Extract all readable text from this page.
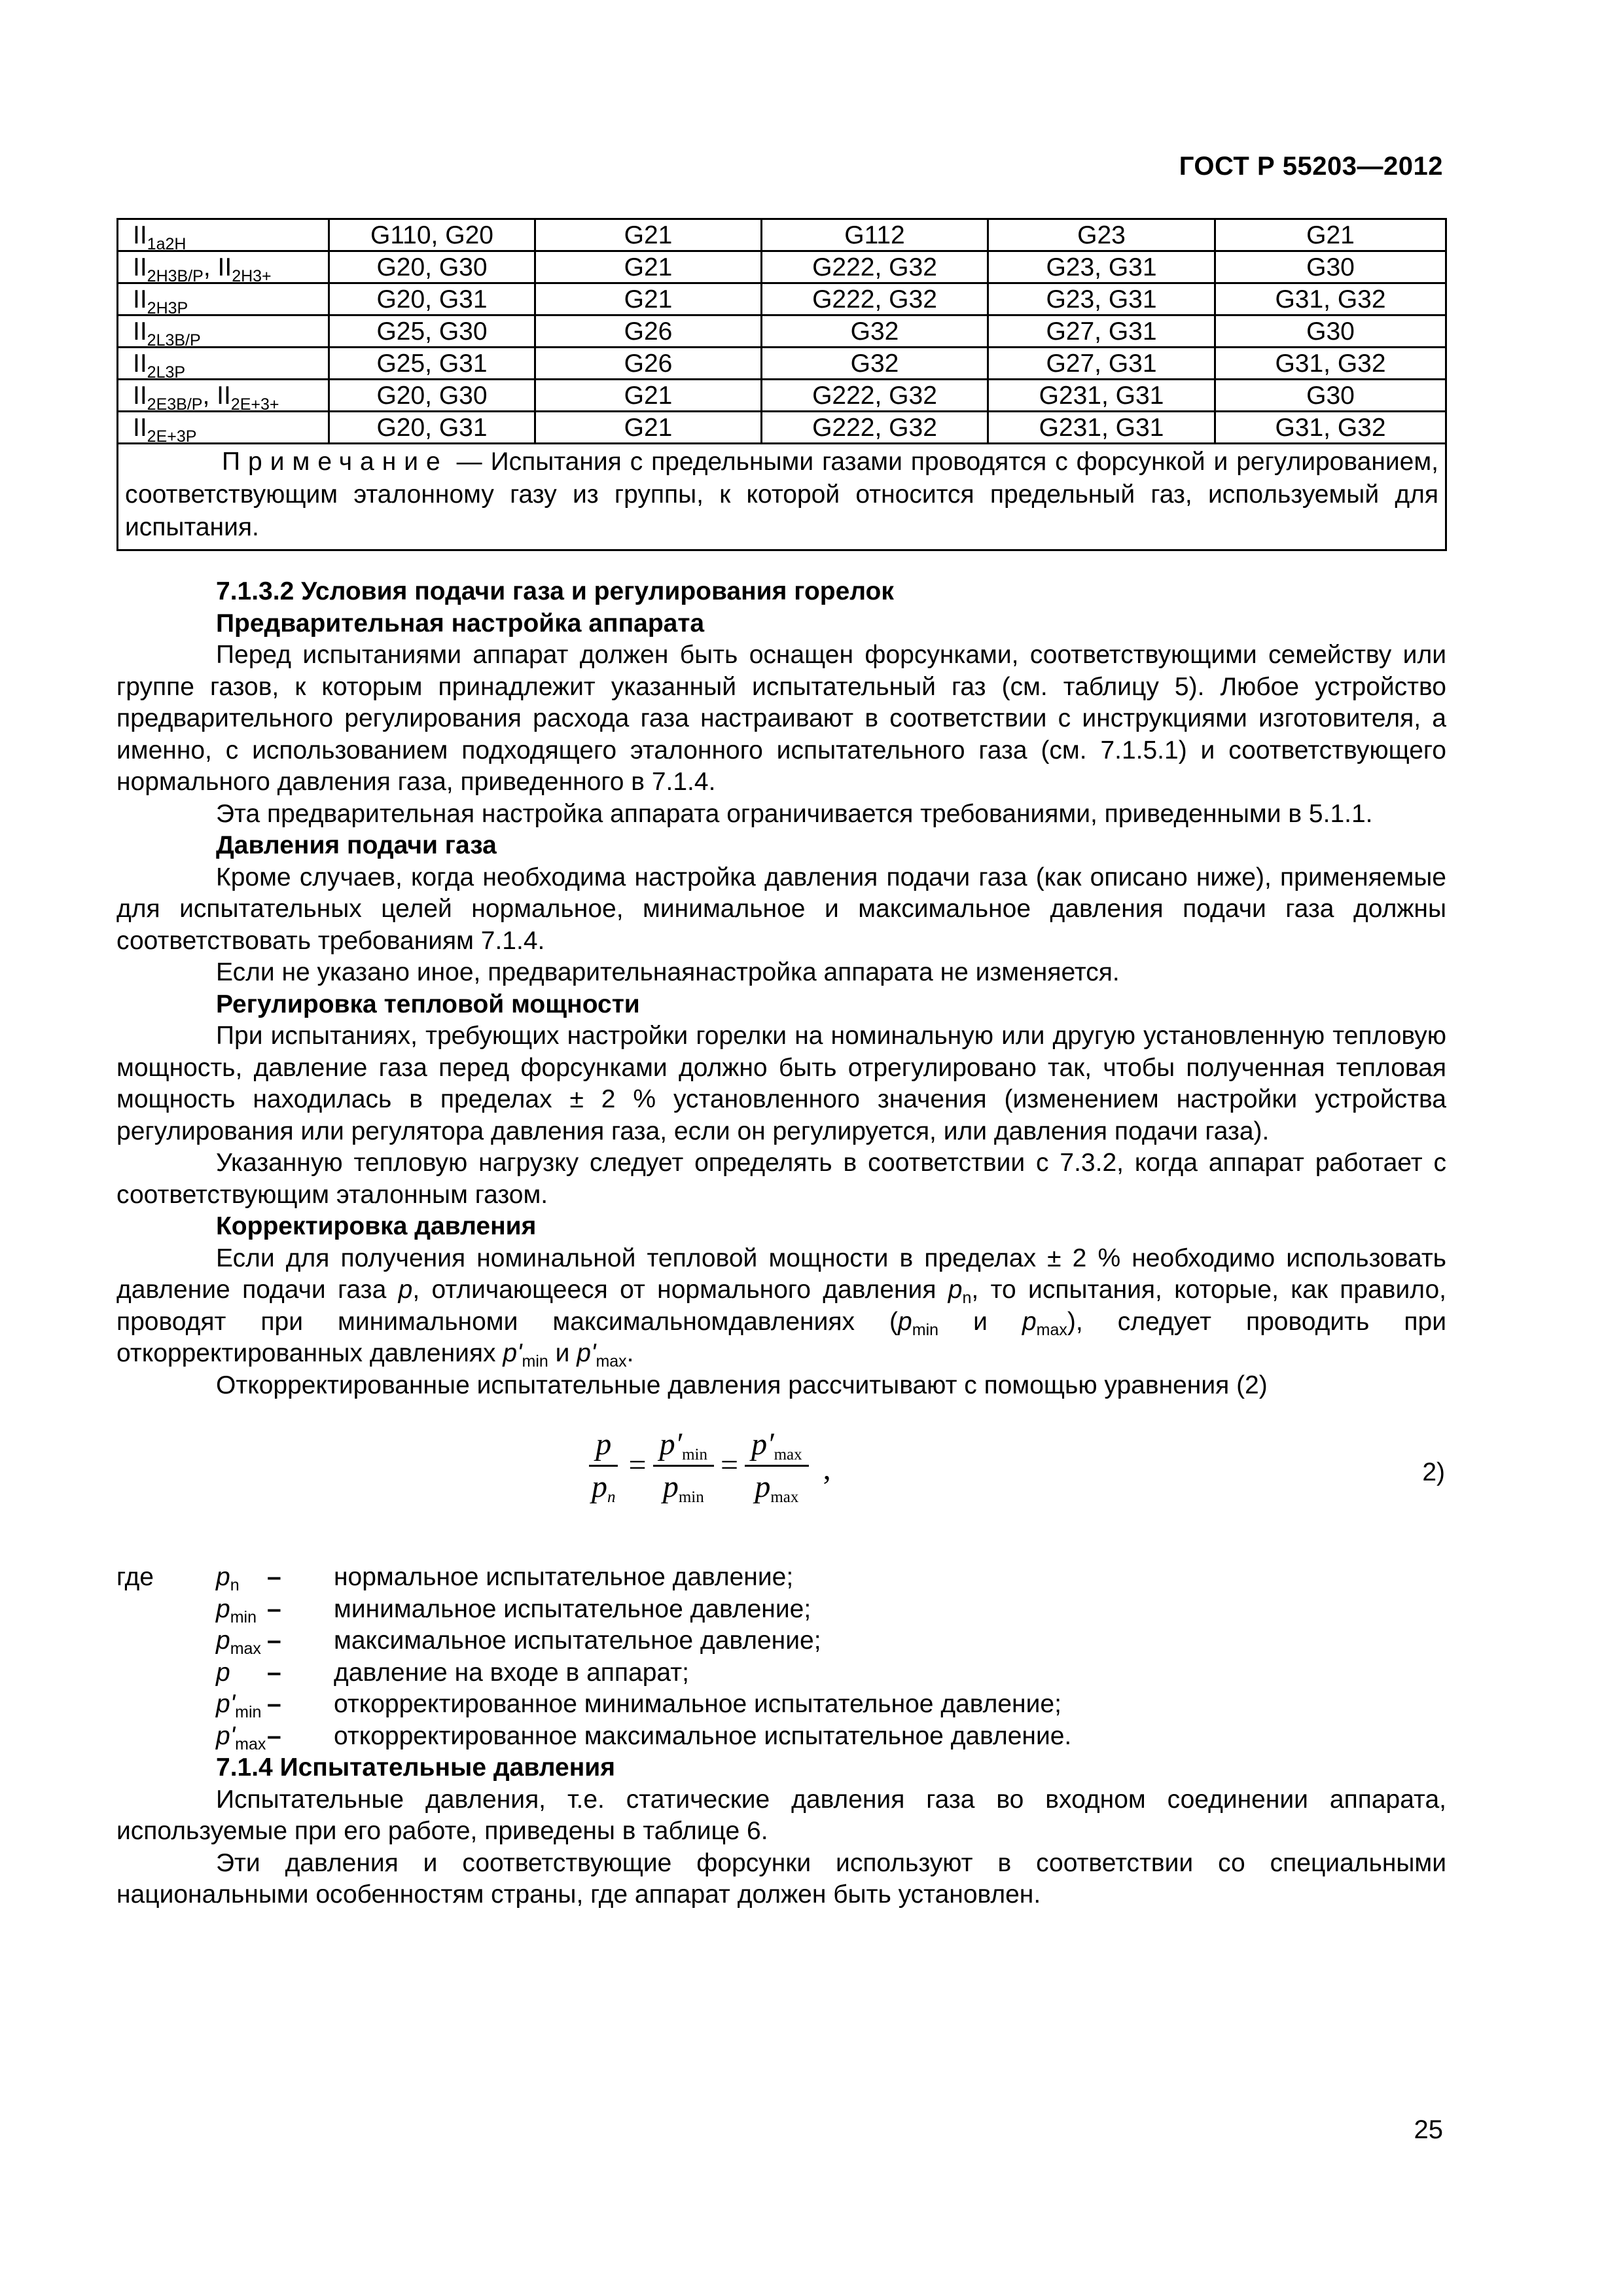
ГОСТ Р 55203—2012
$II_{1a2H}$	G110, G20	G21	G112	G23	G21
$II_{2H3B/P}$, $II_{2H3+}$	G20, G30	G21	G222, G32	G23, G31	G30
$II_{2H3P}$	G20, G31	G21	G222, G32	G23, G31	G31, G32
$II_{2L3B/P}$	G25, G30	G26	G32	G27, G31	G30
$II_{2L3P}$	G25, G31	G26	G32	G27, G31	G31, G32
$II_{2E3B/P}$, $II_{2E+3+}$	G20, G30	G21	G222, G32	G231, G31	G30
$II_{2E+3P}$	G20, G31	G21	G222, G32	G231, G31	G31, G32
Примечание — Испытания с предельными газами проводятся с форсункой и регулированием, соответствующим эталонному газу из группы, к которой относится предельный газ, используемый для испытания.					

7.1.3.2 Условия подачи газа и регулирования горелок

Предварительная настройка аппарата

Перед испытаниями аппарат должен быть оснащен форсунками, соответствующими семейству или группе газов, к которым принадлежит указанный испытательный газ (см. таблицу 5). Любое устройство предварительного регулирования расхода газа настраивают в соответствии с инструкциями изготовителя, а именно, с использованием подходящего эталонного испытательного газа (см. 7.1.5.1) и соответствующего нормального давления газа, приведенного в 7.1.4.

Эта предварительная настройка аппарата ограничивается требованиями, приведенными в 5.1.1.

Давления подачи газа

Кроме случаев, когда необходима настройка давления подачи газа (как описано ниже), применяемые для испытательных целей нормальное, минимальное и максимальное давления подачи газа должны соответствовать требованиям 7.1.4.

Если не указано иное, предварительнаянастройка аппарата не изменяется.

Регулировка тепловой мощности

При испытаниях, требующих настройки горелки на номинальную или другую установленную тепловую мощность, давление газа перед форсунками должно быть отрегулировано так, чтобы полученная тепловая мощность находилась в пределах ± 2 % установленного значения (изменением настройки устройства регулирования или регулятора давления газа, если он регулируется, или давления подачи газа).

Указанную тепловую нагрузку следует определять в соответствии с 7.3.2, когда аппарат работает с соответствующим эталонным газом.

Корректировка давления

Если для получения номинальной тепловой мощности в пределах ± 2 % необходимо использовать давление подачи газа p, отличающееся от нормального давления $p_n$, то испытания, которые, как правило, проводят при минимальноми максимальномдавлениях ($p_{min}$ и $p_{max}$), следует проводить при откорректированных давлениях $p'_{min}$ и $p'_{max}$.

Откорректированные испытательные давления рассчитывают с помощью уравнения (2)

$\frac{p}{p_n} = \frac{p'_{min}}{p_{min}} = \frac{p'_{max}}{p_{max}}$ ,	2)
где	$p_n$ – нормальное испытательное давление;
$p_{min}$ – минимальное испытательное давление;
$p_{max}$ – максимальное испытательное давление;
p – давление на входе в аппарат;
$p'_{min}$ – откорректированное минимальное испытательное давление;
$p'_{max}$ – откорректированное максимальное испытательное давление.

7.1.4 Испытательные давления

Испытательные давления, т.е. статические давления газа во входном соединении аппарата, используемые при его работе, приведены в таблице 6.

Эти давления и соответствующие форсунки используют в соответствии со специальными национальными особенностям страны, где аппарат должен быть установлен.

25
